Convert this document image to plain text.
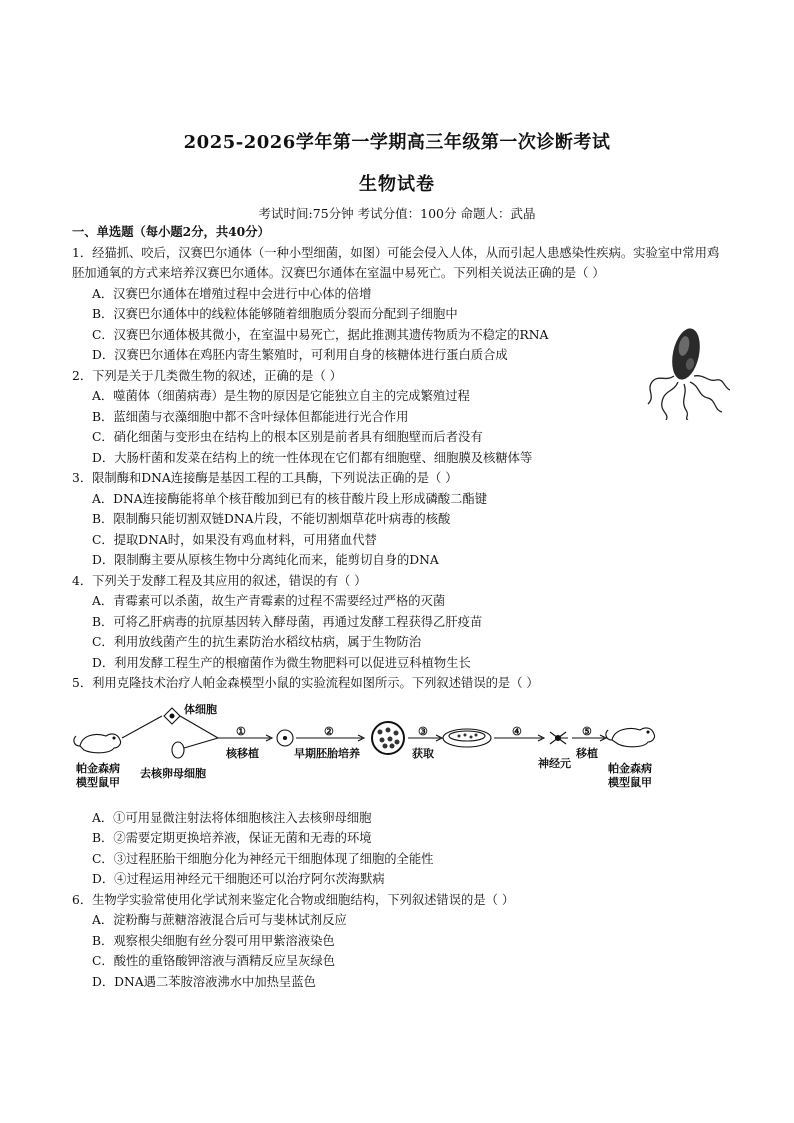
2025-2026学年第一学期高三年级第一次诊断考试
生物试卷
考试时间:75分钟 考试分值：100分 命题人：武晶

一、单选题（每小题2分，共40分）

1．经猫抓、咬后，汉赛巴尔通体（一种小型细菌，如图）可能会侵入人体，从而引起人患感染性疾病。实验室中常用鸡胚加通氧的方式来培养汉赛巴尔通体。汉赛巴尔通体在室温中易死亡。下列相关说法正确的是（ ）

A．汉赛巴尔通体在增殖过程中会进行中心体的倍增

B．汉赛巴尔通体中的线粒体能够随着细胞质分裂而分配到子细胞中

C．汉赛巴尔通体极其微小，在室温中易死亡，据此推测其遗传物质为不稳定的RNA

D．汉赛巴尔通体在鸡胚内寄生繁殖时，可利用自身的核糖体进行蛋白质合成

2．下列是关于几类微生物的叙述，正确的是（ ）

A．噬菌体（细菌病毒）是生物的原因是它能独立自主的完成繁殖过程

B．蓝细菌与衣藻细胞中都不含叶绿体但都能进行光合作用

C．硝化细菌与变形虫在结构上的根本区别是前者具有细胞壁而后者没有

D．大肠杆菌和发菜在结构上的统一性体现在它们都有细胞壁、细胞膜及核糖体等

3．限制酶和DNA连接酶是基因工程的工具酶，下列说法正确的是（ ）

A．DNA连接酶能将单个核苷酸加到已有的核苷酸片段上形成磷酸二酯键

B．限制酶只能切割双链DNA片段，不能切割烟草花叶病毒的核酸

C．提取DNA时，如果没有鸡血材料，可用猪血代替

D．限制酶主要从原核生物中分离纯化而来，能剪切自身的DNA

4．下列关于发酵工程及其应用的叙述，错误的有（ ）

A．青霉素可以杀菌，故生产青霉素的过程不需要经过严格的灭菌

B．可将乙肝病毒的抗原基因转入酵母菌，再通过发酵工程获得乙肝疫苗

C．利用放线菌产生的抗生素防治水稻纹枯病，属于生物防治

D．利用发酵工程生产的根瘤菌作为微生物肥料可以促进豆科植物生长

5．利用克隆技术治疗人帕金森模型小鼠的实验流程如图所示。下列叙述错误的是（ ）

帕金森病
模型鼠甲
体细胞
去核卵母细胞
①
核移植
②
早期胚胎培养
③
获取
④
神经元
⑤
移植
帕金森病
模型鼠甲

A．①可用显微注射法将体细胞核注入去核卵母细胞

B．②需要定期更换培养液，保证无菌和无毒的环境

C．③过程胚胎干细胞分化为神经元干细胞体现了细胞的全能性

D．④过程运用神经元干细胞还可以治疗阿尔茨海默病

6．生物学实验常使用化学试剂来鉴定化合物或细胞结构，下列叙述错误的是（ ）

A．淀粉酶与蔗糖溶液混合后可与斐林试剂反应

B．观察根尖细胞有丝分裂可用甲紫溶液染色

C．酸性的重铬酸钾溶液与酒精反应呈灰绿色

D．DNA遇二苯胺溶液沸水中加热呈蓝色
